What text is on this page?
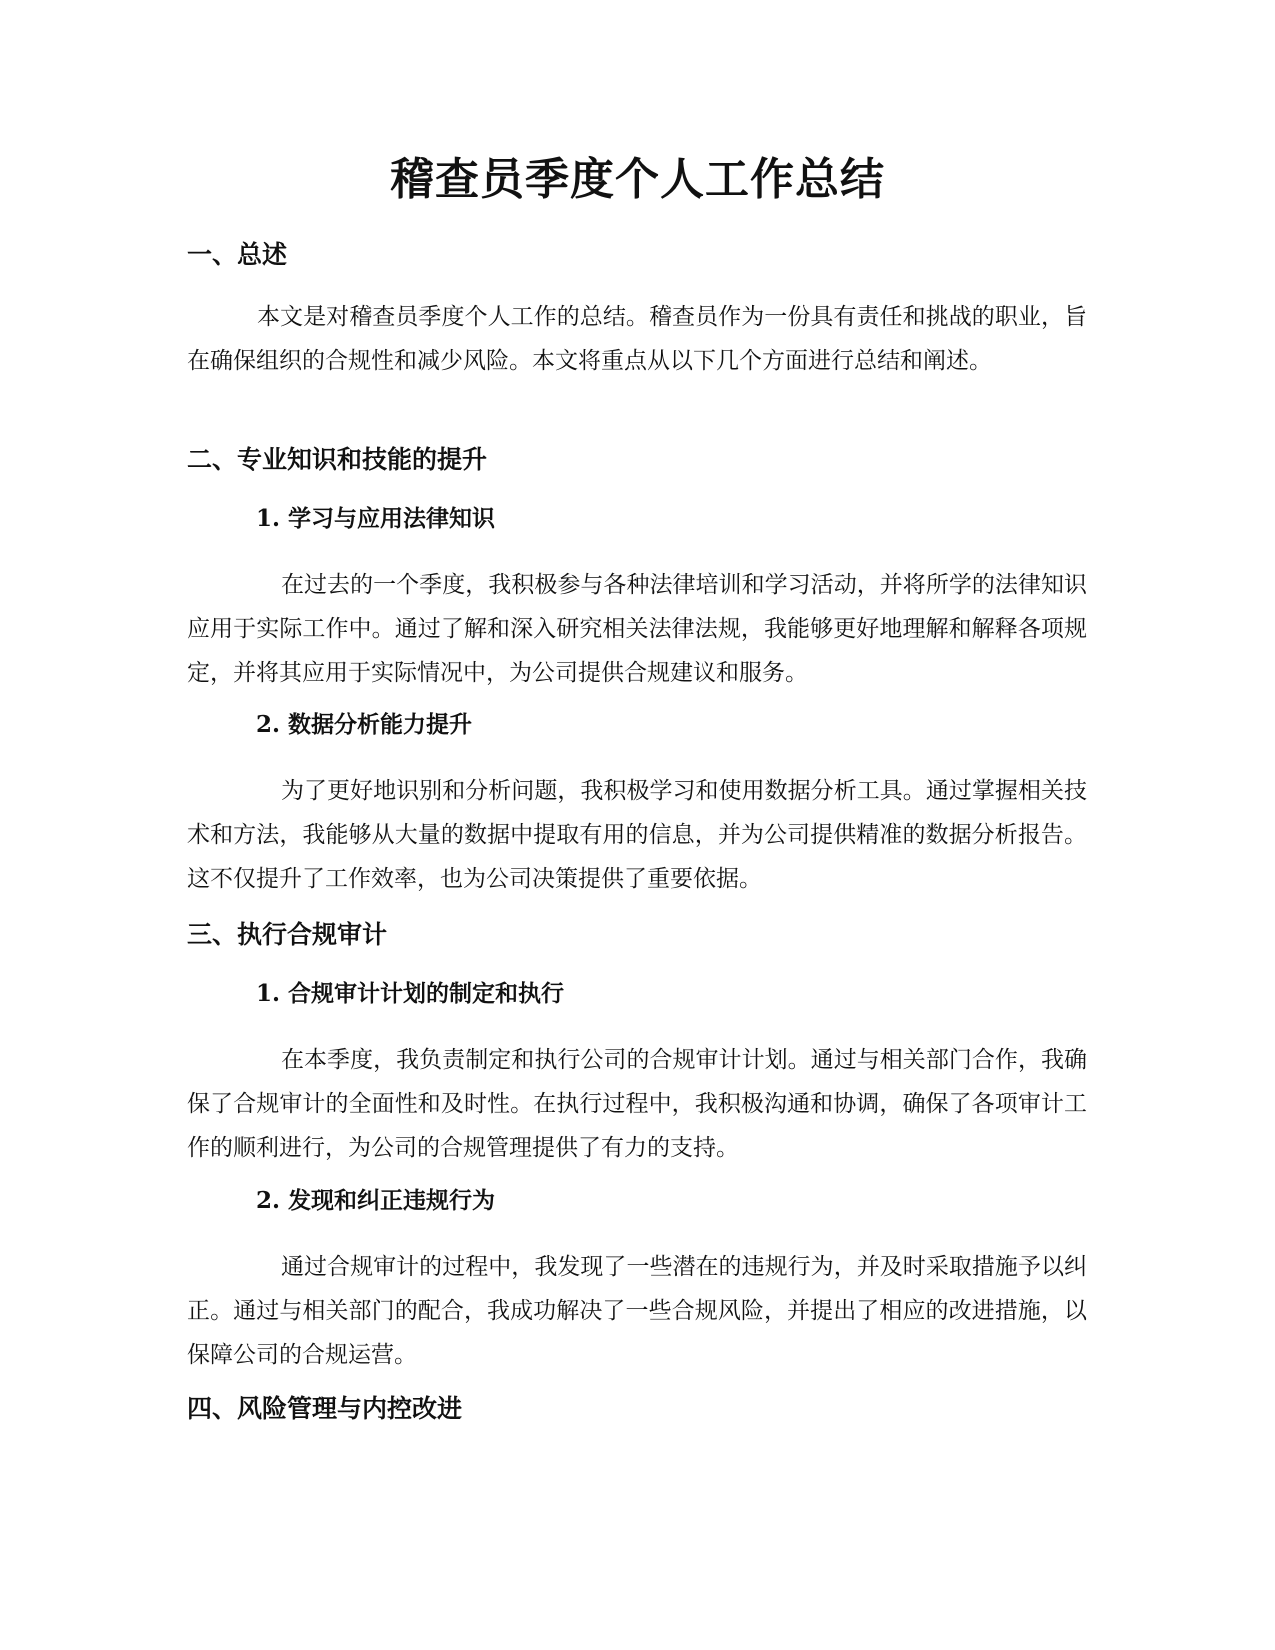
稽查员季度个人工作总结
一、总述

本文是对稽查员季度个人工作的总结。稽查员作为一份具有责任和挑战的职业，旨在确保组织的合规性和减少风险。本文将重点从以下几个方面进行总结和阐述。

二、专业知识和技能的提升
1. 学习与应用法律知识

在过去的一个季度，我积极参与各种法律培训和学习活动，并将所学的法律知识应用于实际工作中。通过了解和深入研究相关法律法规，我能够更好地理解和解释各项规定，并将其应用于实际情况中，为公司提供合规建议和服务。

2. 数据分析能力提升

为了更好地识别和分析问题，我积极学习和使用数据分析工具。通过掌握相关技术和方法，我能够从大量的数据中提取有用的信息，并为公司提供精准的数据分析报告。这不仅提升了工作效率，也为公司决策提供了重要依据。

三、执行合规审计
1. 合规审计计划的制定和执行

在本季度，我负责制定和执行公司的合规审计计划。通过与相关部门合作，我确保了合规审计的全面性和及时性。在执行过程中，我积极沟通和协调，确保了各项审计工作的顺利进行，为公司的合规管理提供了有力的支持。

2. 发现和纠正违规行为

通过合规审计的过程中，我发现了一些潜在的违规行为，并及时采取措施予以纠正。通过与相关部门的配合，我成功解决了一些合规风险，并提出了相应的改进措施，以保障公司的合规运营。

四、风险管理与内控改进
